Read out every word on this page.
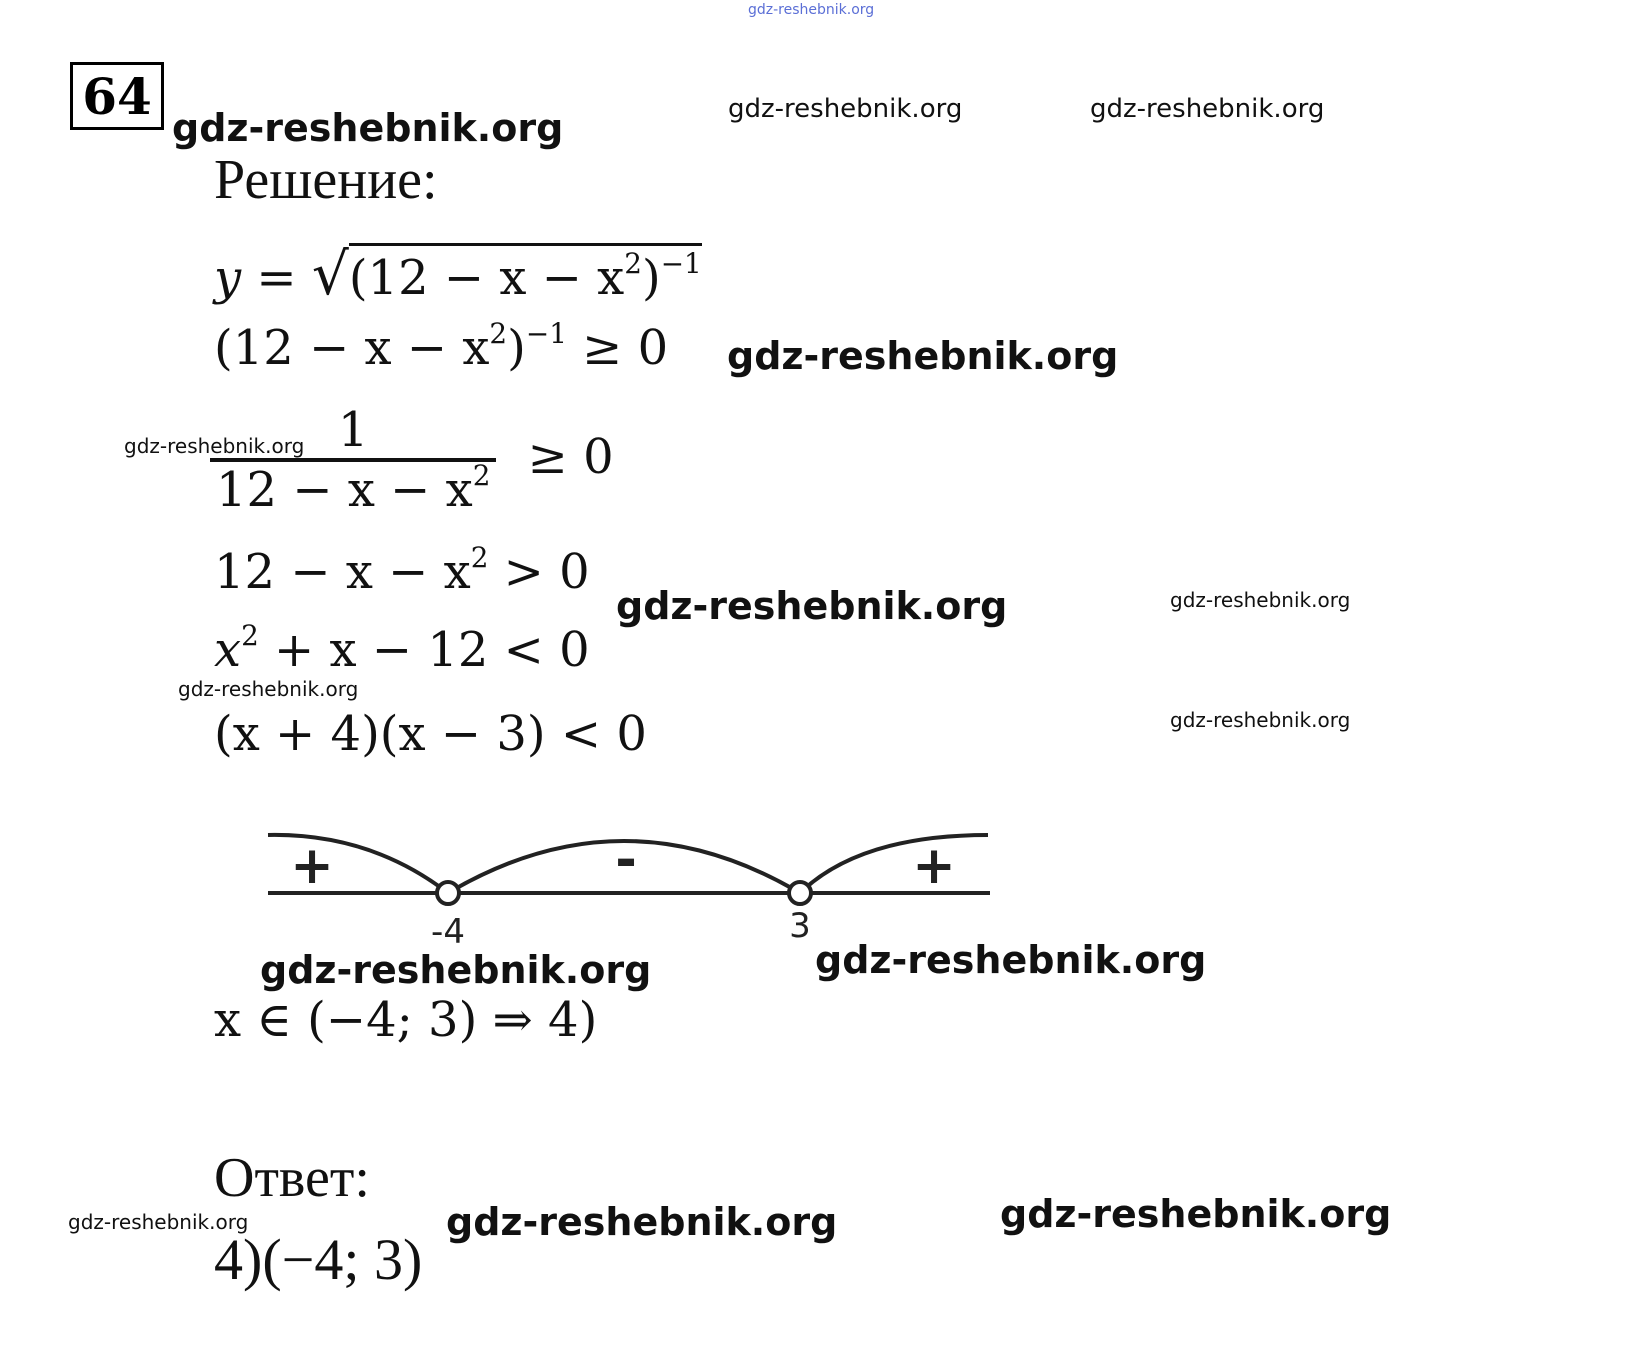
gdz-reshebnik.org
64
gdz-reshebnik.org	gdz-reshebnik.org	gdz-reshebnik.org
gdz-reshebnik.org
gdz-reshebnik.org
gdz-reshebnik.org	gdz-reshebnik.org
gdz-reshebnik.org
gdz-reshebnik.org
gdz-reshebnik.org	gdz-reshebnik.org
gdz-reshebnik.org	gdz-reshebnik.org	gdz-reshebnik.org
Решение:
$y = √(12 - x - x^2)^{-1}$
$(12 - x - x^2)^{-1} \ge 0$
$\frac{1}{12 - x - x^2} \ge 0$
$12 - x - x^2 > 0$
$x^2 + x - 12 < 0$
(x + 4)(x − 3) < 0
+	-	+
-4	3
x ∈ (−4; 3) ⇒ 4)
Ответ:
4)(−4; 3)
